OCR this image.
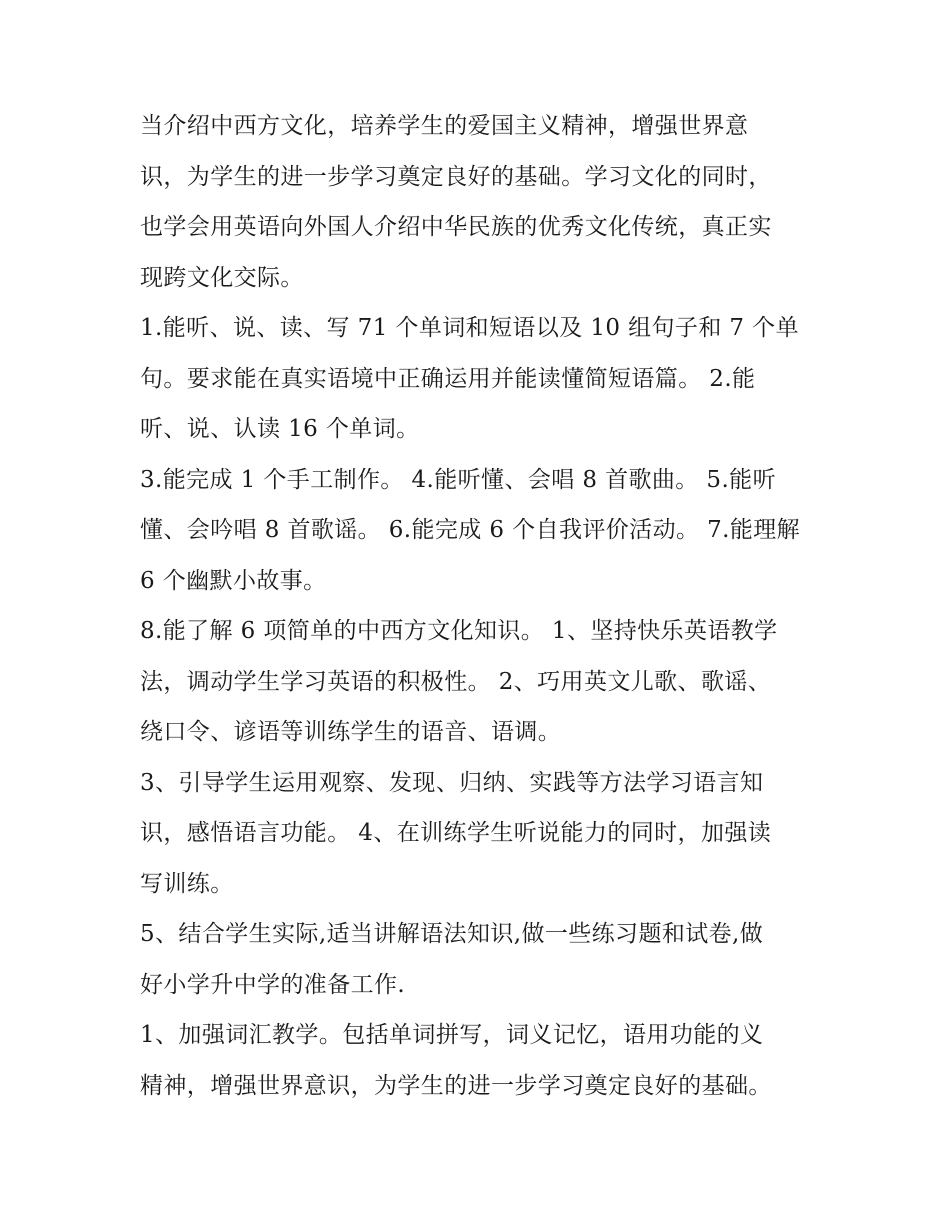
当介绍中西方文化，培养学生的爱国主义精神，增强世界意
识，为学生的进一步学习奠定良好的基础。学习文化的同时，
也学会用英语向外国人介绍中华民族的优秀文化传统，真正实
现跨文化交际。
1.能听、说、读、写 71 个单词和短语以及 10 组句子和 7 个单
句。要求能在真实语境中正确运用并能读懂简短语篇。 2.能
听、说、认读 16 个单词。
3.能完成 1 个手工制作。 4.能听懂、会唱 8 首歌曲。 5.能听
懂、会吟唱 8 首歌谣。 6.能完成 6 个自我评价活动。 7.能理解
6 个幽默小故事。
8.能了解 6 项简单的中西方文化知识。 1、坚持快乐英语教学
法，调动学生学习英语的积极性。 2、巧用英文儿歌、歌谣、
绕口令、谚语等训练学生的语音、语调。
3、引导学生运用观察、发现、归纳、实践等方法学习语言知
识，感悟语言功能。 4、在训练学生听说能力的同时，加强读
写训练。
5、结合学生实际,适当讲解语法知识,做一些练习题和试卷,做
好小学升中学的准备工作.
1、加强词汇教学。包括单词拼写，词义记忆，语用功能的义
精神，增强世界意识，为学生的进一步学习奠定良好的基础。
